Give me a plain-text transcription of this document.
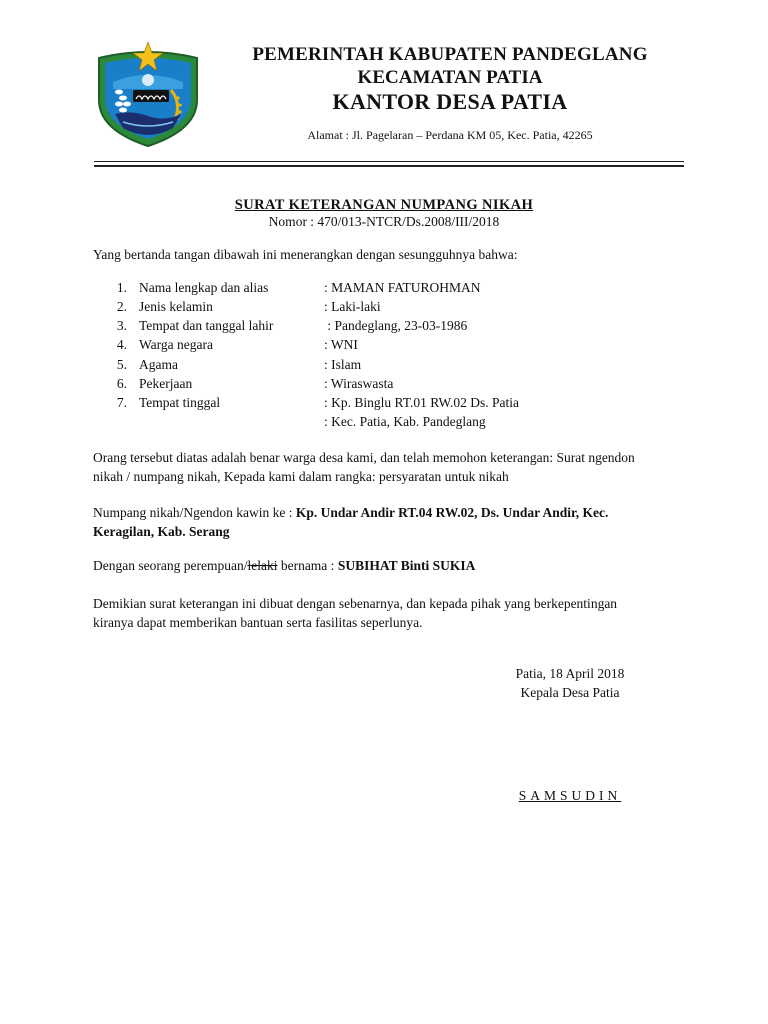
PEMERINTAH KABUPATEN PANDEGLANG
KECAMATAN PATIA
KANTOR DESA PATIA
Alamat : Jl. Pagelaran – Perdana KM 05, Kec. Patia, 42265
SURAT KETERANGAN NUMPANG NIKAH
Nomor : 470/013-NTCR/Ds.2008/III/2018
Yang bertanda tangan dibawah ini menerangkan dengan sesungguhnya bahwa:
1. Nama lengkap dan alias	: MAMAN FATUROHMAN
2. Jenis kelamin	: Laki-laki
3. Tempat dan tanggal lahir	: Pandeglang, 23-03-1986
4. Warga negara	: WNI
5. Agama	: Islam
6. Pekerjaan	: Wiraswasta
7. Tempat tinggal	: Kp. Binglu RT.01 RW.02 Ds. Patia
: Kec. Patia, Kab. Pandeglang
Orang tersebut diatas adalah benar warga desa kami, dan telah memohon keterangan: Surat ngendon
nikah / numpang nikah, Kepada kami dalam rangka: persyaratan untuk nikah
Numpang nikah/Ngendon kawin ke : Kp. Undar Andir RT.04 RW.02, Ds. Undar Andir, Kec.
Keragilan, Kab. Serang
Dengan seorang perempuan/lelaki bernama : SUBIHAT Binti SUKIA
Demikian surat keterangan ini dibuat dengan sebenarnya, dan kepada pihak yang berkepentingan
kiranya dapat memberikan bantuan serta fasilitas seperlunya.
Patia, 18 April 2018
Kepala Desa Patia
SAMSUDIN
